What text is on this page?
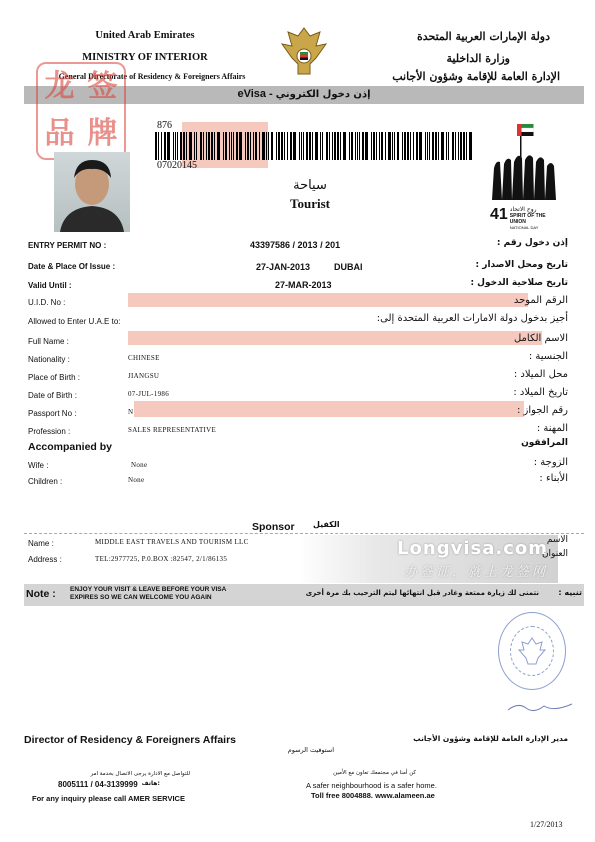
United Arab Emirates
MINISTRY OF INTERIOR
General Directorate of Residency & Foreigners Affairs
دولة الإمارات العربية المتحدة
وزارة الداخلية
الإدارة العامة للإقامة وشؤون الأجانب
eVisa - إذن دخول الكتروني
龙 签
品 牌	876
07020145
سياحة
Tourist
41 روح الاتحاد
SPIRIT OF THE UNION
NATIONAL DAY
ENTRY PERMIT NO :	43397586 / 2013 / 201	إذن دخول رقم :
Date & Place Of Issue :	27-JAN-2013	DUBAI	تاريخ ومحل الاصدار :
Valid Until :	27-MAR-2013	تاريخ صلاحية الدخول :
U.I.D. No :	الرقم الموحد
Allowed to Enter U.A.E to:	أجيز بدخول دولة الامارات العربية المتحدة إلى:
Full Name :	الاسم الكامل
Nationality :	CHINESE	الجنسية :
Place of Birth :	JIANGSU	محل الميلاد :
Date of Birth :	07-JUL-1986	تاريخ الميلاد :
Passport No :	N	رقم الجواز :
Profession :	SALES REPRESENTATIVE	المهنة :
Accompanied by	المرافقون
Wife :	None	الزوجة :
Children :	None	الأبناء :
Sponsor الكفيل
Longvisa.com
办签证，就上龙签网
Name :	MIDDLE EAST TRAVELS AND TOURISM LLC	الاسم
Address :	TEL:2977725, P.0.BOX :82547, 2/1/86135	العنوان
Note : ENJOY YOUR VISIT & LEAVE BEFORE YOUR VISA
EXPIRES SO WE CAN WELCOME YOU AGAIN
نتمنى لك زيارة ممتعة وغادر قبل انتهائها ليتم الترحيب بك مرة أخرى	تنبيه :
Director of Residency & Foreigners Affairs	مدير الإدارة العامة للإقامة وشؤون الأجانب
استوفيت الرسوم
للتواصل مع الادارة يرجى الاتصال بخدمة امر
8005111 / 04-3139999 هاتف:
For any inquiry please call AMER SERVICE
كن أمنا في مجتمعك تعاون مع الأمين
A safer neighbourhood is a safer home.
Toll free 8004888. www.alameen.ae
1/27/2013
